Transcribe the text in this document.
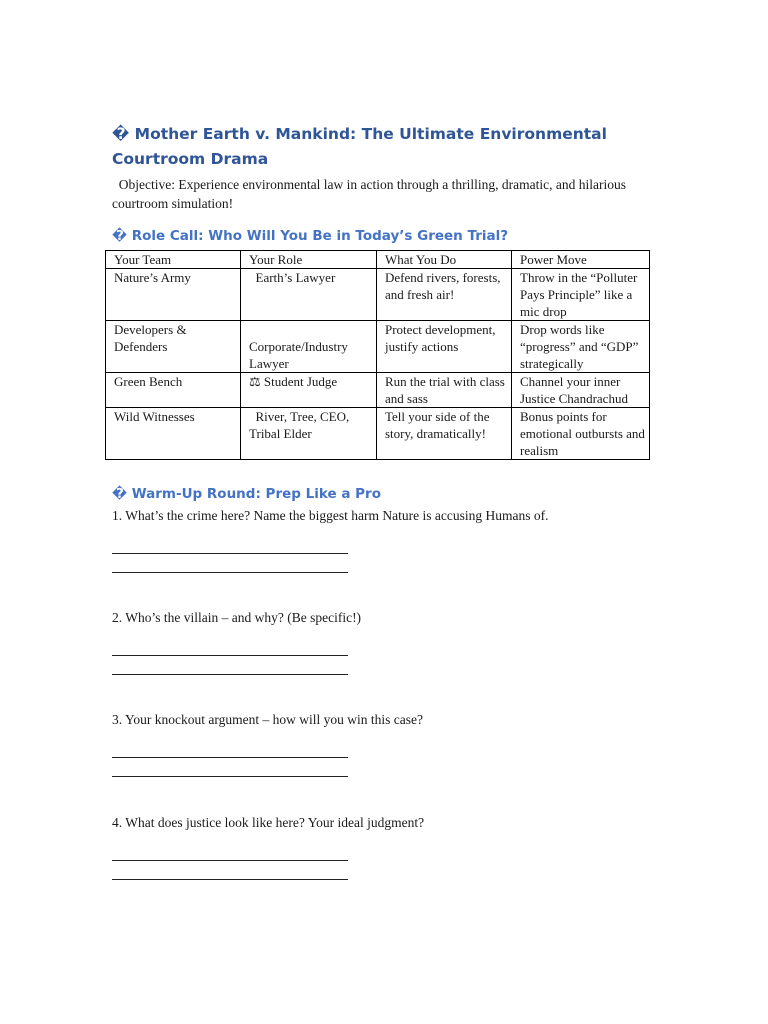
� Mother Earth v. Mankind: The Ultimate Environmental Courtroom Drama

Objective: Experience environmental law in action through a thrilling, dramatic, and hilarious courtroom simulation!

� Role Call: Who Will You Be in Today’s Green Trial?
Your Team	Your Role	What You Do	Power Move
Nature’s Army	Earth’s Lawyer	Defend rivers, forests, and fresh air!	Throw in the “Polluter Pays Principle” like a mic drop
Developers & Defenders	Corporate/Industry Lawyer	Protect development, justify actions	Drop words like “progress” and “GDP” strategically
Green Bench	⚖ Student Judge	Run the trial with class and sass	Channel your inner Justice Chandrachud
Wild Witnesses	River, Tree, CEO, Tribal Elder	Tell your side of the story, dramatically!	Bonus points for emotional outbursts and realism
� Warm-Up Round: Prep Like a Pro

1. What’s the crime here? Name the biggest harm Nature is accusing Humans of.

2. Who’s the villain – and why? (Be specific!)

3. Your knockout argument – how will you win this case?

4. What does justice look like here? Your ideal judgment?
